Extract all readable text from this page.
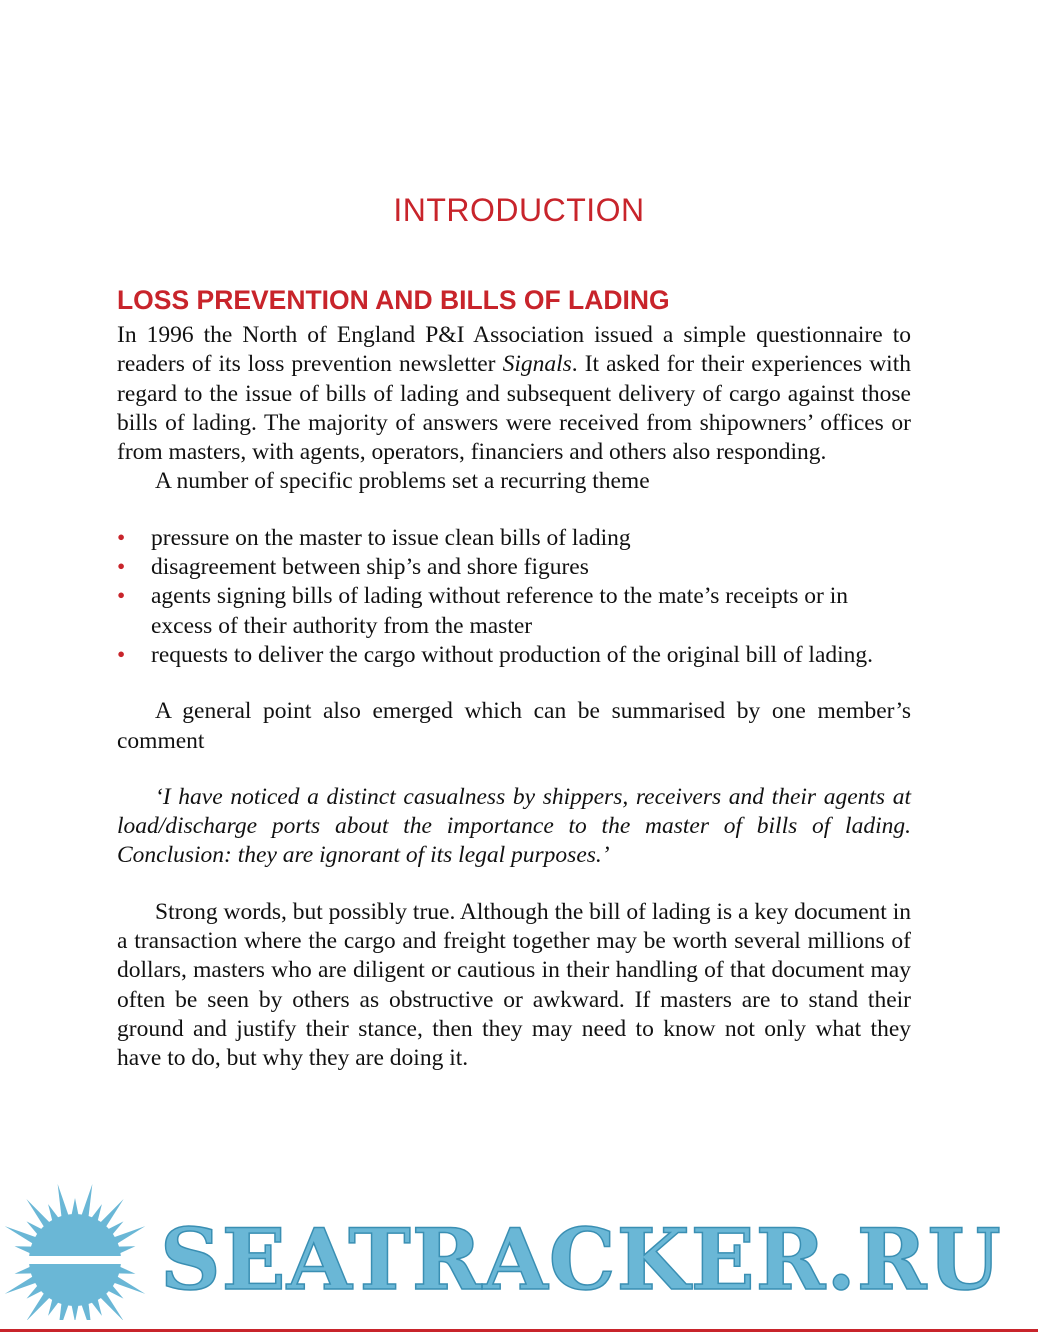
INTRODUCTION
LOSS PREVENTION AND BILLS OF LADING

In 1996 the North of England P&I Association issued a simple questionnaire to readers of its loss prevention newsletter Signals. It asked for their experiences with regard to the issue of bills of lading and subsequent delivery of cargo against those bills of lading. The majority of answers were received from shipowners’ offices or from masters, with agents, operators, financiers and others also responding.

A number of specific problems set a recurring theme

• pressure on the master to issue clean bills of lading
• disagreement between ship’s and shore figures
• agents signing bills of lading without reference to the mate’s receipts or in excess of their authority from the master
• requests to deliver the cargo without production of the original bill of lading.

A general point also emerged which can be summarised by one member’s comment

‘I have noticed a distinct casualness by shippers, receivers and their agents at load/discharge ports about the importance to the master of bills of lading. Conclusion: they are ignorant of its legal purposes.’

Strong words, but possibly true. Although the bill of lading is a key document in a transaction where the cargo and freight together may be worth several millions of dollars, masters who are diligent or cautious in their handling of that document may often be seen by others as obstructive or awkward. If masters are to stand their ground and justify their stance, then they may need to know not only what they have to do, but why they are doing it.

SEATRACKER.RU
